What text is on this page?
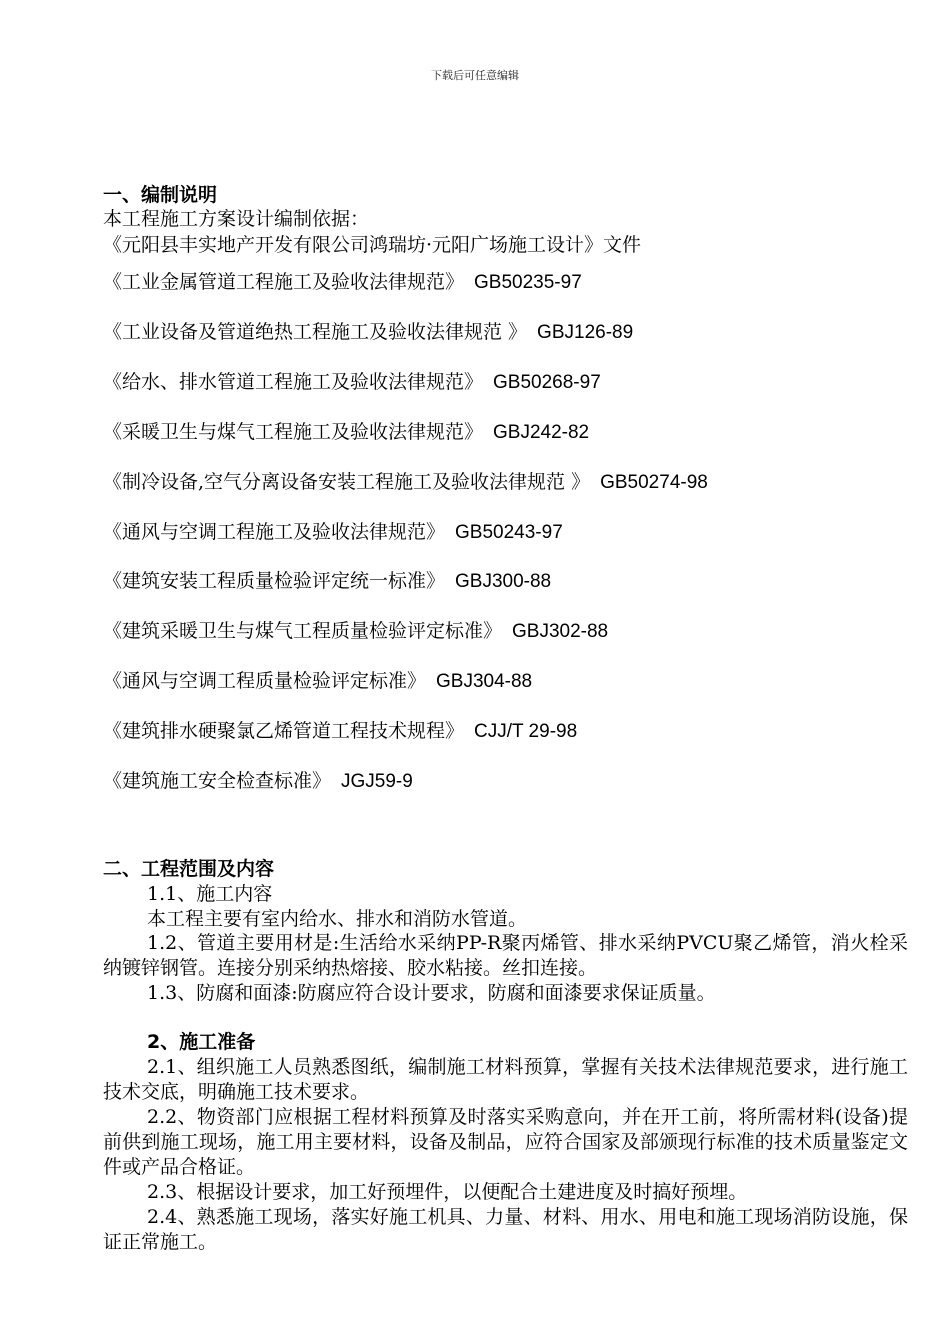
下载后可任意编辑
一、编制说明
本工程施工方案设计编制依据：
《元阳县丰实地产开发有限公司鸿瑞坊·元阳广场施工设计》文件
《工业金属管道工程施工及验收法律规范》 GB50235-97
《工业设备及管道绝热工程施工及验收法律规范 》 GBJ126-89
《给水、排水管道工程施工及验收法律规范》 GB50268-97
《采暖卫生与煤气工程施工及验收法律规范》 GBJ242-82
《制冷设备,空气分离设备安装工程施工及验收法律规范 》 GB50274-98
《通风与空调工程施工及验收法律规范》 GB50243-97
《建筑安装工程质量检验评定统一标准》 GBJ300-88
《建筑采暖卫生与煤气工程质量检验评定标准》 GBJ302-88
《通风与空调工程质量检验评定标准》 GBJ304-88
《建筑排水硬聚氯乙烯管道工程技术规程》 CJJ/T 29-98
《建筑施工安全检查标准》 JGJ59-9
二、工程范围及内容
1.1、施工内容
本工程主要有室内给水、排水和消防水管道。
1.2、管道主要用材是:生活给水采纳PP-R聚丙烯管、排水采纳PVCU聚乙烯管，消火栓采纳镀锌钢管。连接分别采纳热熔接、胶水粘接。丝扣连接。
1.3、防腐和面漆:防腐应符合设计要求，防腐和面漆要求保证质量。
2、施工准备
2.1、组织施工人员熟悉图纸，编制施工材料预算，掌握有关技术法律规范要求，进行施工技术交底，明确施工技术要求。
2.2、物资部门应根据工程材料预算及时落实采购意向，并在开工前，将所需材料(设备)提前供到施工现场，施工用主要材料，设备及制品，应符合国家及部颁现行标准的技术质量鉴定文件或产品合格证。
2.3、根据设计要求，加工好预埋件，以便配合土建进度及时搞好预埋。
2.4、熟悉施工现场，落实好施工机具、力量、材料、用水、用电和施工现场消防设施，保证正常施工。
